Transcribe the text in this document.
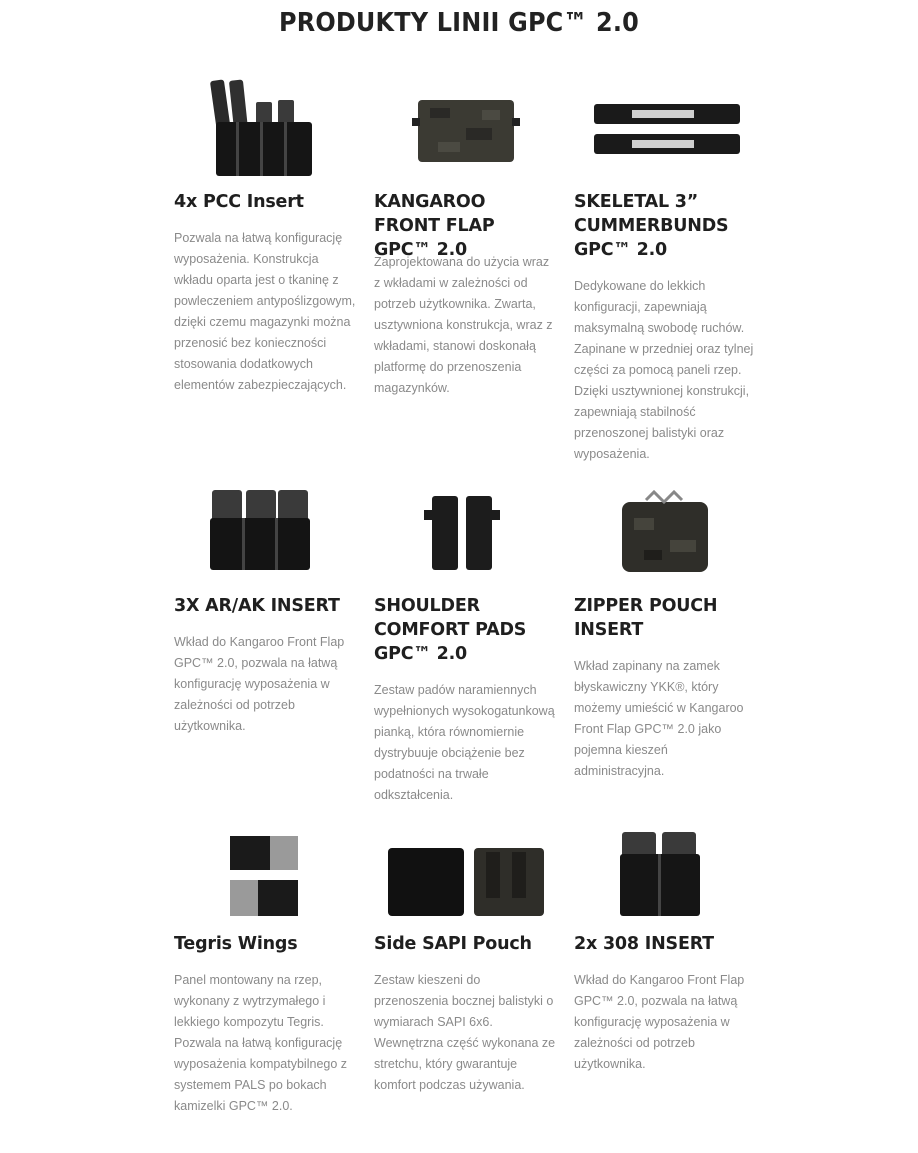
PRODUKTY LINII GPC™ 2.0
4x PCC Insert
Pozwala na łatwą konfigurację wyposażenia. Konstrukcja wkładu oparta jest o tkaninę z powleczeniem antypoślizgowym, dzięki czemu magazynki można przenosić bez konieczności stosowania dodatkowych elementów zabezpieczających.
KANGAROO FRONT FLAP GPC™ 2.0
Zaprojektowana do użycia wraz z wkładami w zależności od potrzeb użytkownika. Zwarta, usztywniona konstrukcja, wraz z wkładami, stanowi doskonałą platformę do przenoszenia magazynków.
SKELETAL 3” CUMMERBUNDS GPC™ 2.0
Dedykowane do lekkich konfiguracji, zapewniają maksymalną swobodę ruchów. Zapinane w przedniej oraz tylnej części za pomocą paneli rzep. Dzięki usztywnionej konstrukcji, zapewniają stabilność przenoszonej balistyki oraz wyposażenia.
3X AR/AK INSERT
Wkład do Kangaroo Front Flap GPC™ 2.0, pozwala na łatwą konfigurację wyposażenia w zależności od potrzeb użytkownika.
SHOULDER COMFORT PADS GPC™ 2.0
Zestaw padów naramiennych wypełnionych wysokogatunkową pianką, która równomiernie dystrybuuje obciążenie bez podatności na trwałe odkształcenia.
ZIPPER POUCH INSERT
Wkład zapinany na zamek błyskawiczny YKK®, który możemy umieścić w Kangaroo Front Flap GPC™ 2.0 jako pojemna kieszeń administracyjna.
Tegris Wings
Panel montowany na rzep, wykonany z wytrzymałego i lekkiego kompozytu Tegris. Pozwala na łatwą konfigurację wyposażenia kompatybilnego z systemem PALS po bokach kamizelki GPC™ 2.0.
Side SAPI Pouch
Zestaw kieszeni do przenoszenia bocznej balistyki o wymiarach SAPI 6x6. Wewnętrzna część wykonana ze stretchu, który gwarantuje komfort podczas używania.
2x 308 INSERT
Wkład do Kangaroo Front Flap GPC™ 2.0, pozwala na łatwą konfigurację wyposażenia w zależności od potrzeb użytkownika.
